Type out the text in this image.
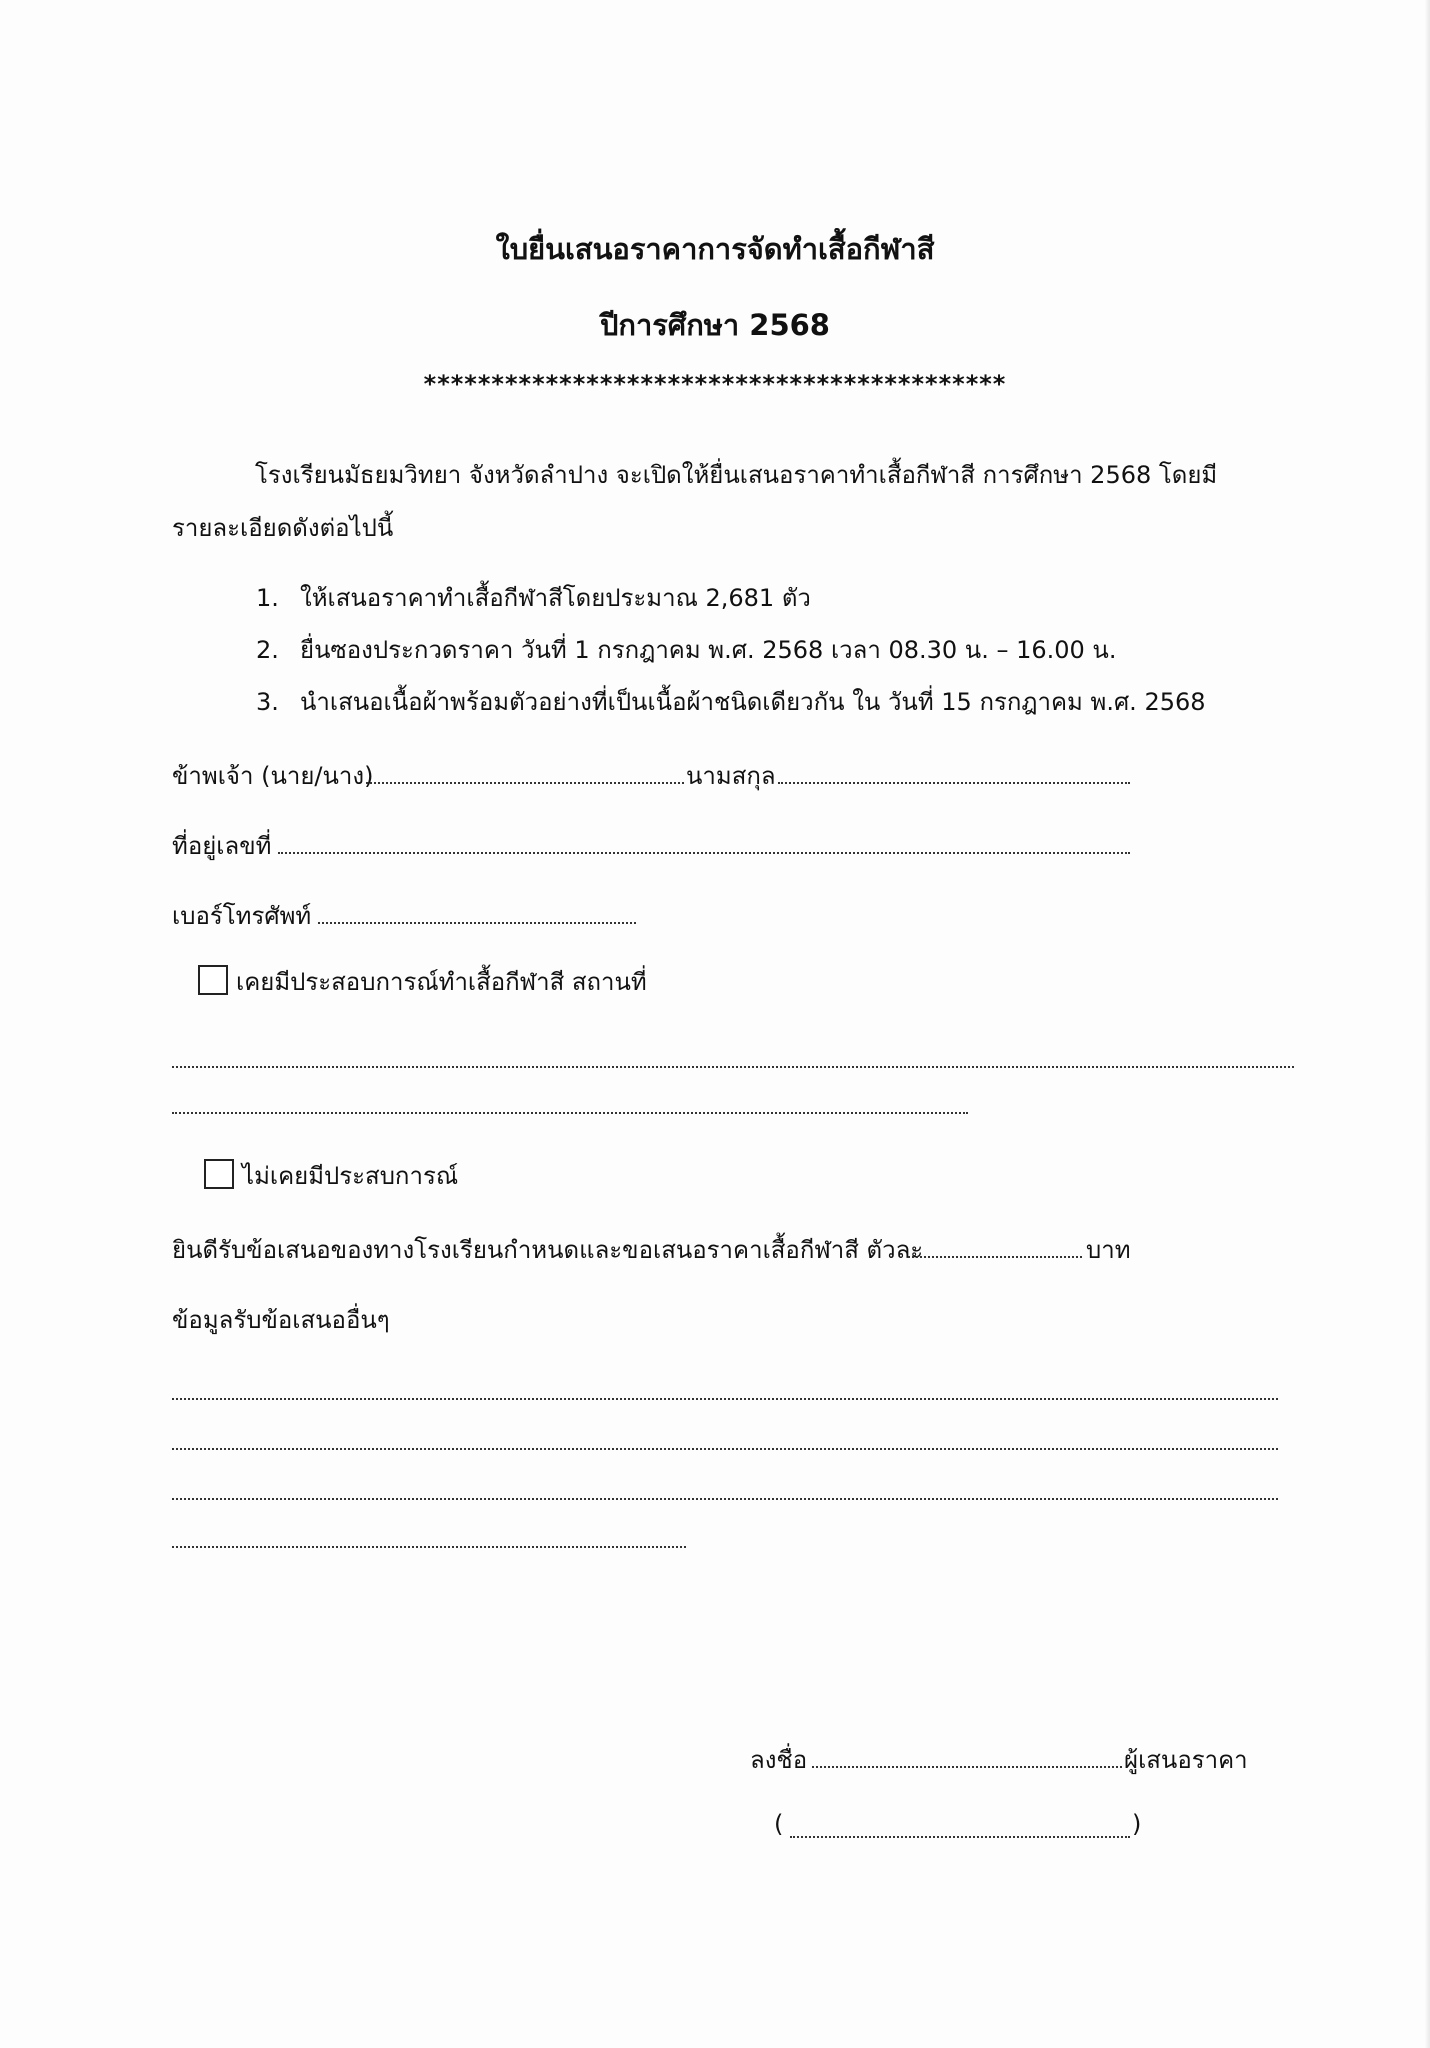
ใบยื่นเสนอราคาการจัดทำเสื้อกีฬาสี
ปีการศึกษา 2568
*******************************************
โรงเรียนมัธยมวิทยา จังหวัดลำปาง จะเปิดให้ยื่นเสนอราคาทำเสื้อกีฬาสี การศึกษา 2568 โดยมี
รายละเอียดดังต่อไปนี้
1. ให้เสนอราคาทำเสื้อกีฬาสีโดยประมาณ 2,681 ตัว
2. ยื่นซองประกวดราคา วันที่ 1 กรกฎาคม พ.ศ. 2568 เวลา 08.30 น. – 16.00 น.
3. นำเสนอเนื้อผ้าพร้อมตัวอย่างที่เป็นเนื้อผ้าชนิดเดียวกัน ใน วันที่ 15 กรกฎาคม พ.ศ. 2568
ข้าพเจ้า (นาย/นาง)	นามสกุล
ที่อยู่เลขที่
เบอร์โทรศัพท์
เคยมีประสอบการณ์ทำเสื้อกีฬาสี สถานที่
ไม่เคยมีประสบการณ์
ยินดีรับข้อเสนอของทางโรงเรียนกำหนดและขอเสนอราคาเสื้อกีฬาสี ตัวละ	บาท
ข้อมูลรับข้อเสนออื่นๆ
ลงชื่อ	ผู้เสนอราคา
(	)
